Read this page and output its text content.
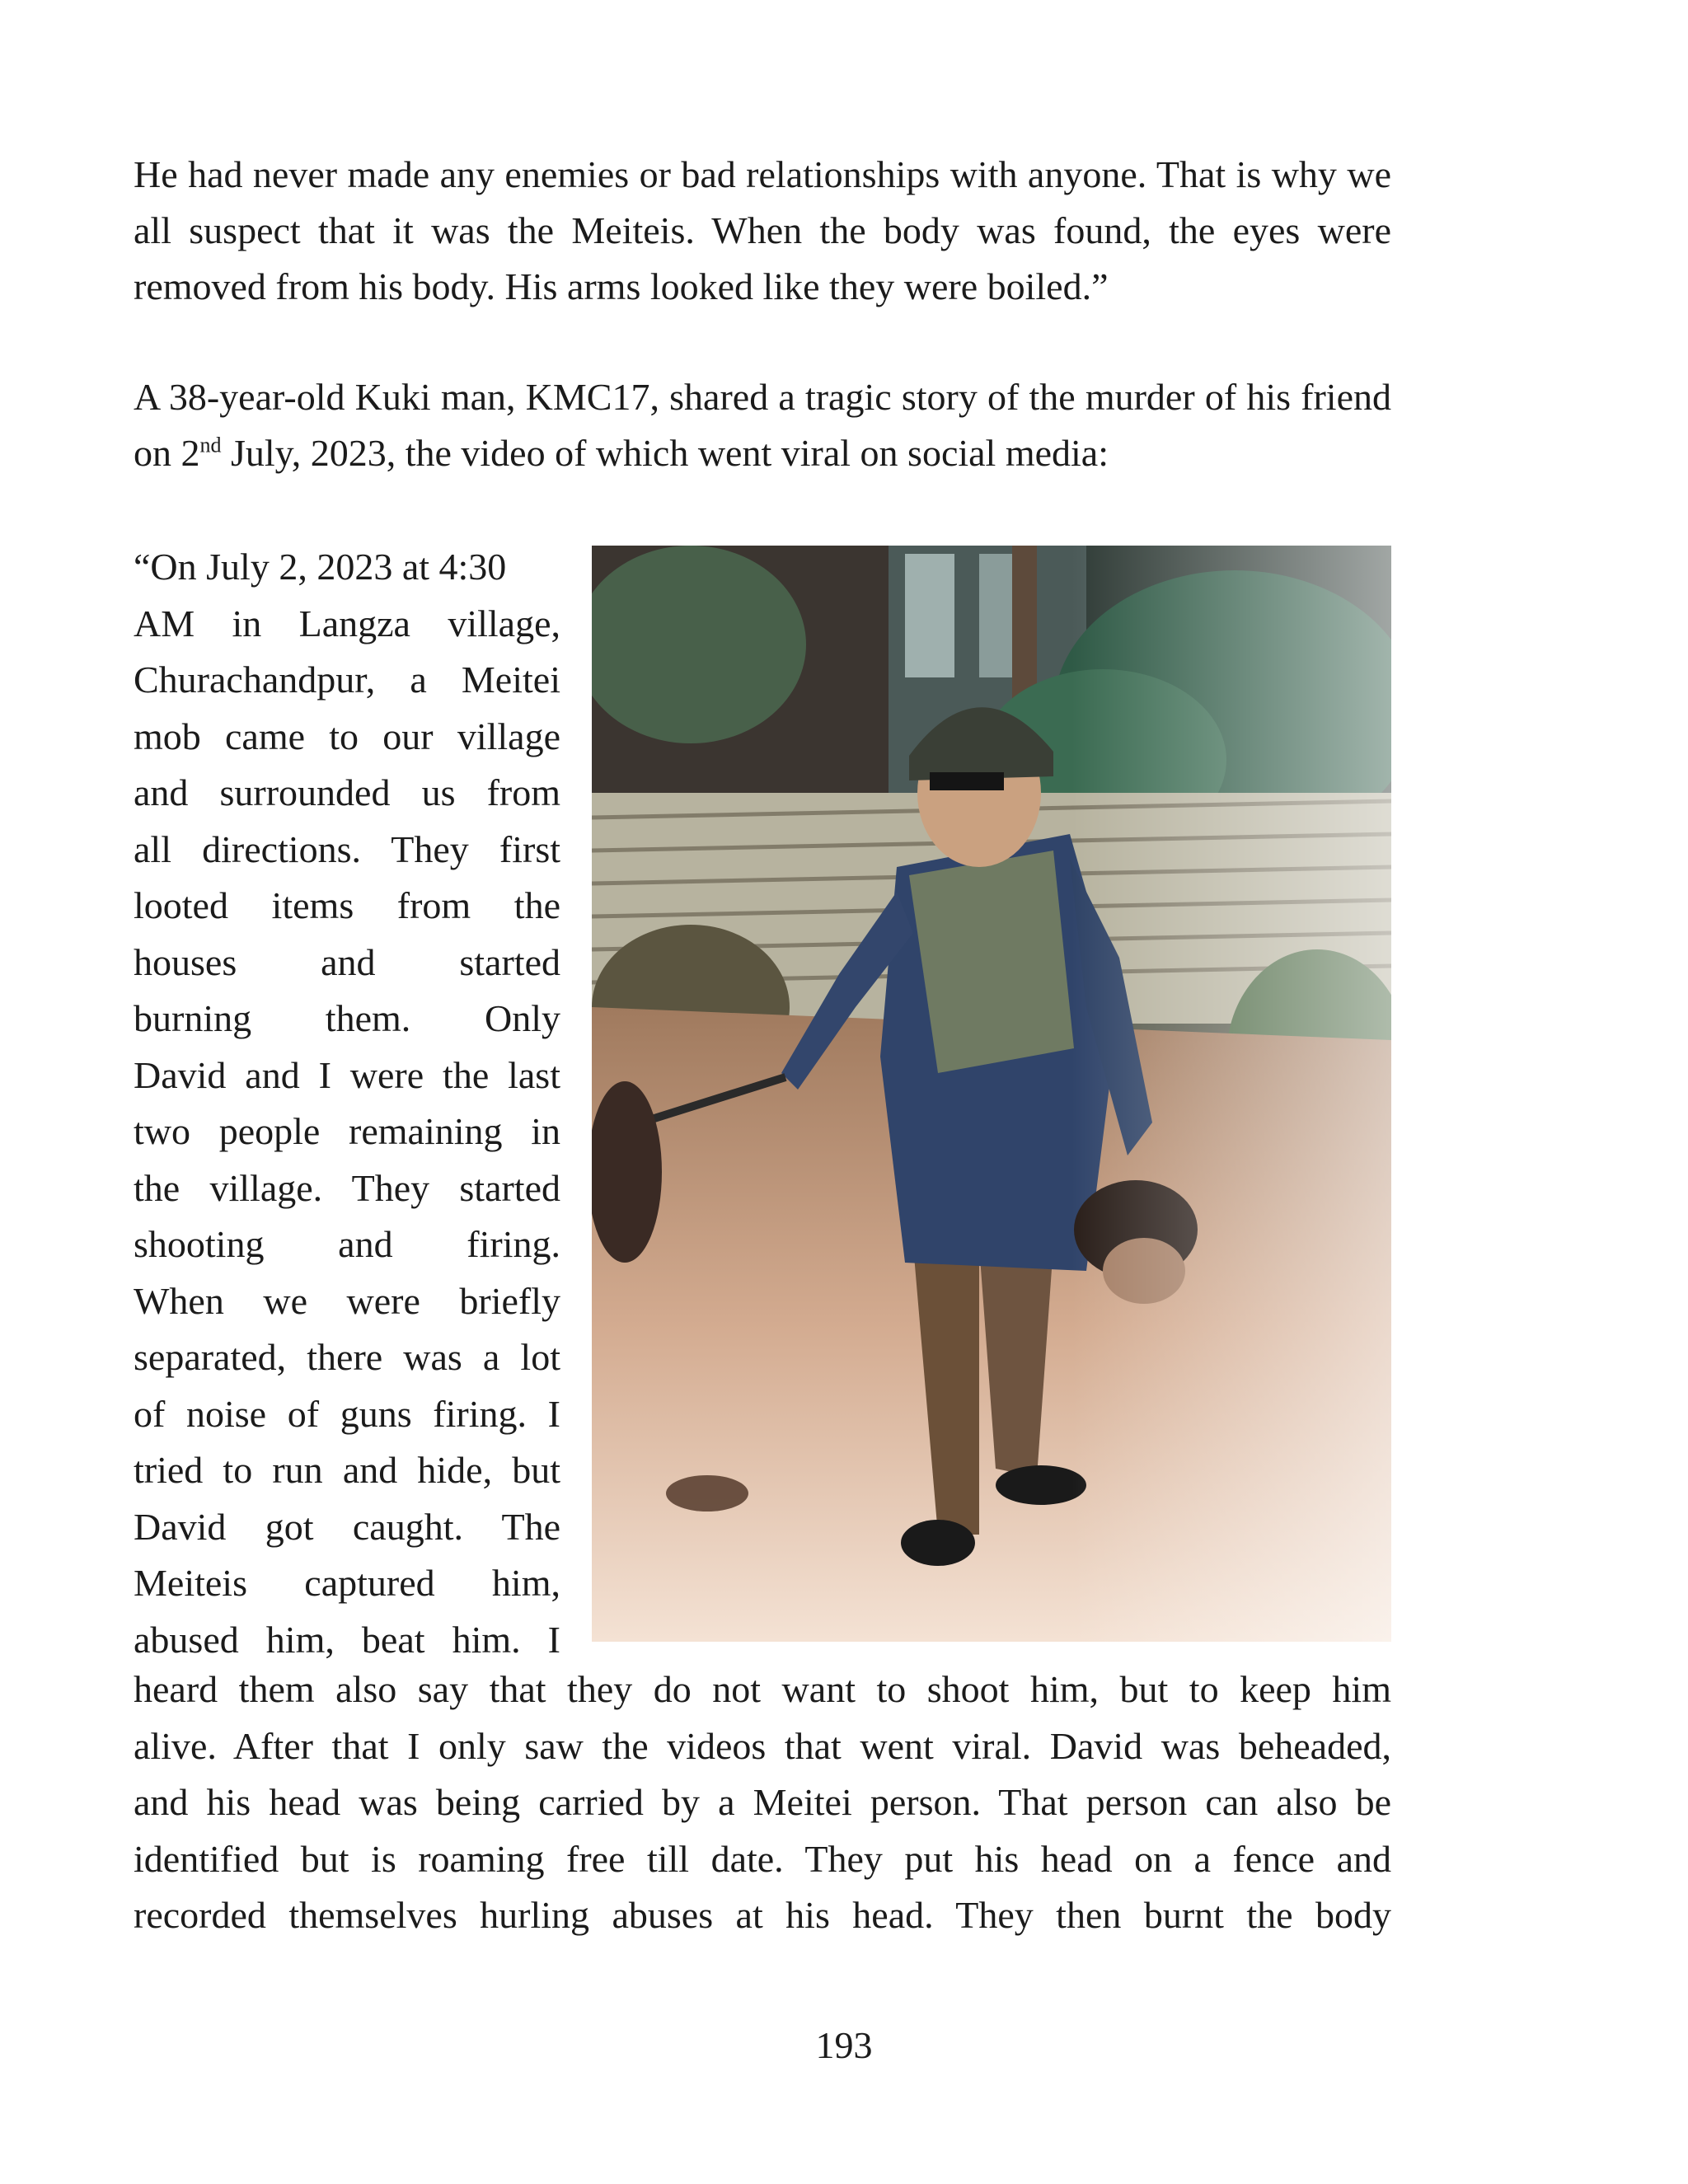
He had never made any enemies or bad relationships with anyone. That is why we all suspect that it was the Meiteis. When the body was found, the eyes were removed from his body. His arms looked like they were boiled.”

A 38-year-old Kuki man, KMC17, shared a tragic story of the murder of his friend on 2nd July, 2023, the video of which went viral on social media:

“On July 2, 2023 at 4:30
AM in Langza village,
Churachandpur, a Meitei
mob came to our village
and surrounded us from
all directions. They first
looted items from the
houses and started
burning them. Only
David and I were the last
two people remaining in
the village. They started
shooting and firing.
When we were briefly
separated, there was a lot
of noise of guns firing. I
tried to run and hide, but
David got caught. The
Meiteis captured him,
abused him, beat him. I
heard them also say that they do not want to shoot him, but to keep him
alive. After that I only saw the videos that went viral. David was beheaded,
and his head was being carried by a Meitei person. That person can also be
identified but is roaming free till date. They put his head on a fence and
recorded themselves hurling abuses at his head. They then burnt the body
193
